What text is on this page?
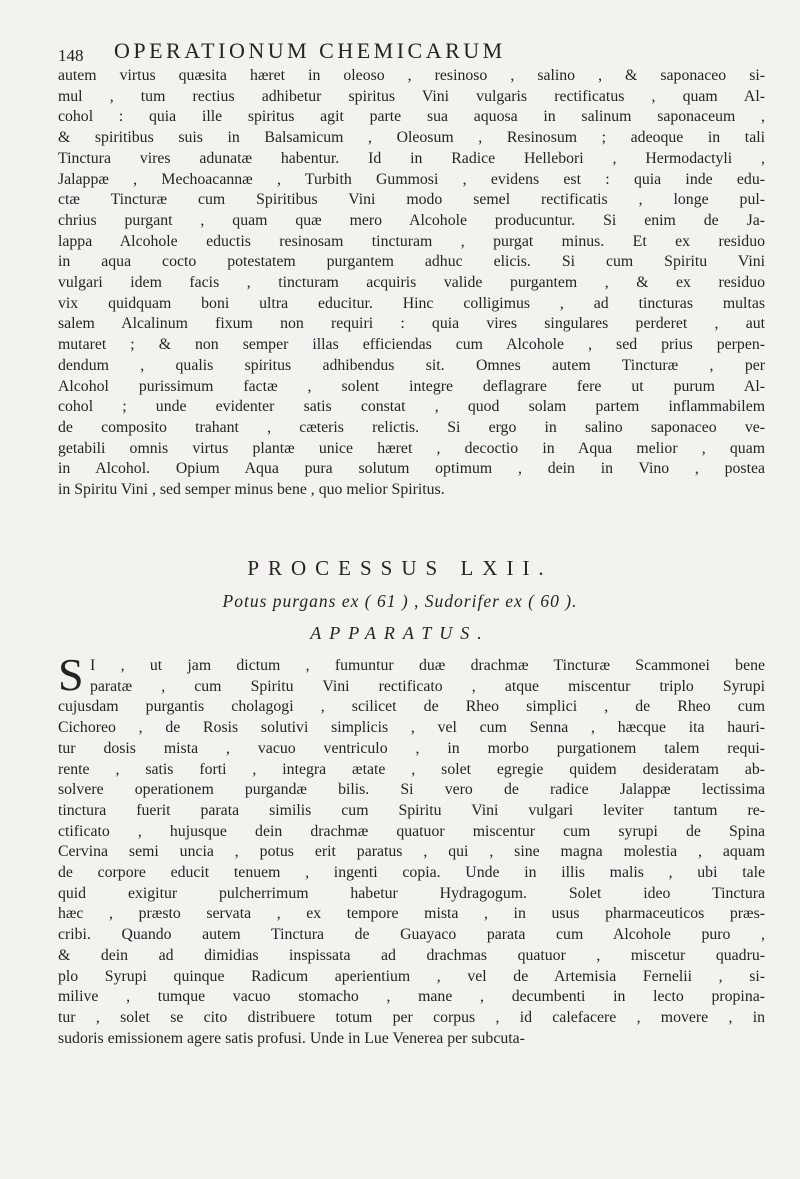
148 OPERATIONUM CHEMICARUM
autem virtus quæsita hæret in oleoso , resinoso , salino , & saponaceo si-
mul , tum rectius adhibetur spiritus Vini vulgaris rectificatus , quam Al-
cohol : quia ille spiritus agit parte sua aquosa in salinum saponaceum ,
& spiritibus suis in Balsamicum , Oleosum , Resinosum ; adeoque in tali
Tinctura vires adunatæ habentur. Id in Radice Hellebori , Hermodactyli ,
Jalappæ , Mechoacannæ , Turbith Gummosi , evidens est : quia inde edu-
ctæ Tincturæ cum Spiritibus Vini modo semel rectificatis , longe pul-
chrius purgant , quam quæ mero Alcohole producuntur. Si enim de Ja-
lappa Alcohole eductis resinosam tincturam , purgat minus. Et ex residuo
in aqua cocto potestatem purgantem adhuc elicis. Si cum Spiritu Vini
vulgari idem facis , tincturam acquiris valide purgantem , & ex residuo
vix quidquam boni ultra educitur. Hinc colligimus , ad tincturas multas
salem Alcalinum fixum non requiri : quia vires singulares perderet , aut
mutaret ; & non semper illas efficiendas cum Alcohole , sed prius perpen-
dendum , qualis spiritus adhibendus sit. Omnes autem Tincturæ , per
Alcohol purissimum factæ , solent integre deflagrare fere ut purum Al-
cohol ; unde evidenter satis constat , quod solam partem inflammabilem
de composito trahant , cæteris relictis. Si ergo in salino saponaceo ve-
getabili omnis virtus plantæ unice hæret , decoctio in Aqua melior , quam
in Alcohol. Opium Aqua pura solutum optimum , dein in Vino , postea
in Spiritu Vini , sed semper minus bene , quo melior Spiritus.
PROCESSUS LXII.
Potus purgans ex ( 61 ) , Sudorifer ex ( 60 ).
APPARATUS.
S I , ut jam dictum , fumuntur duæ drachmæ Tincturæ Scammonei bene
paratæ , cum Spiritu Vini rectificato , atque miscentur triplo Syrupi
cujusdam purgantis cholagogi , scilicet de Rheo simplici , de Rheo cum
Cichoreo , de Rosis solutivi simplicis , vel cum Senna , hæcque ita hauri-
tur dosis mista , vacuo ventriculo , in morbo purgationem talem requi-
rente , satis forti , integra ætate , solet egregie quidem desideratam ab-
solvere operationem purgandæ bilis. Si vero de radice Jalappæ lectissima
tinctura fuerit parata similis cum Spiritu Vini vulgari leviter tantum re-
ctificato , hujusque dein drachmæ quatuor miscentur cum syrupi de Spina
Cervina semi uncia , potus erit paratus , qui , sine magna molestia , aquam
de corpore educit tenuem , ingenti copia. Unde in illis malis , ubi tale
quid exigitur pulcherrimum habetur Hydragogum. Solet ideo Tinctura
hæc , præsto servata , ex tempore mista , in usus pharmaceuticos præs-
cribi. Quando autem Tinctura de Guayaco parata cum Alcohole puro ,
& dein ad dimidias inspissata ad drachmas quatuor , miscetur quadru-
plo Syrupi quinque Radicum aperientium , vel de Artemisia Fernelii , si-
milive , tumque vacuo stomacho , mane , decumbenti in lecto propina-
tur , solet se cito distribuere totum per corpus , id calefacere , movere , in
sudoris emissionem agere satis profusi. Unde in Lue Venerea per subcuta-
